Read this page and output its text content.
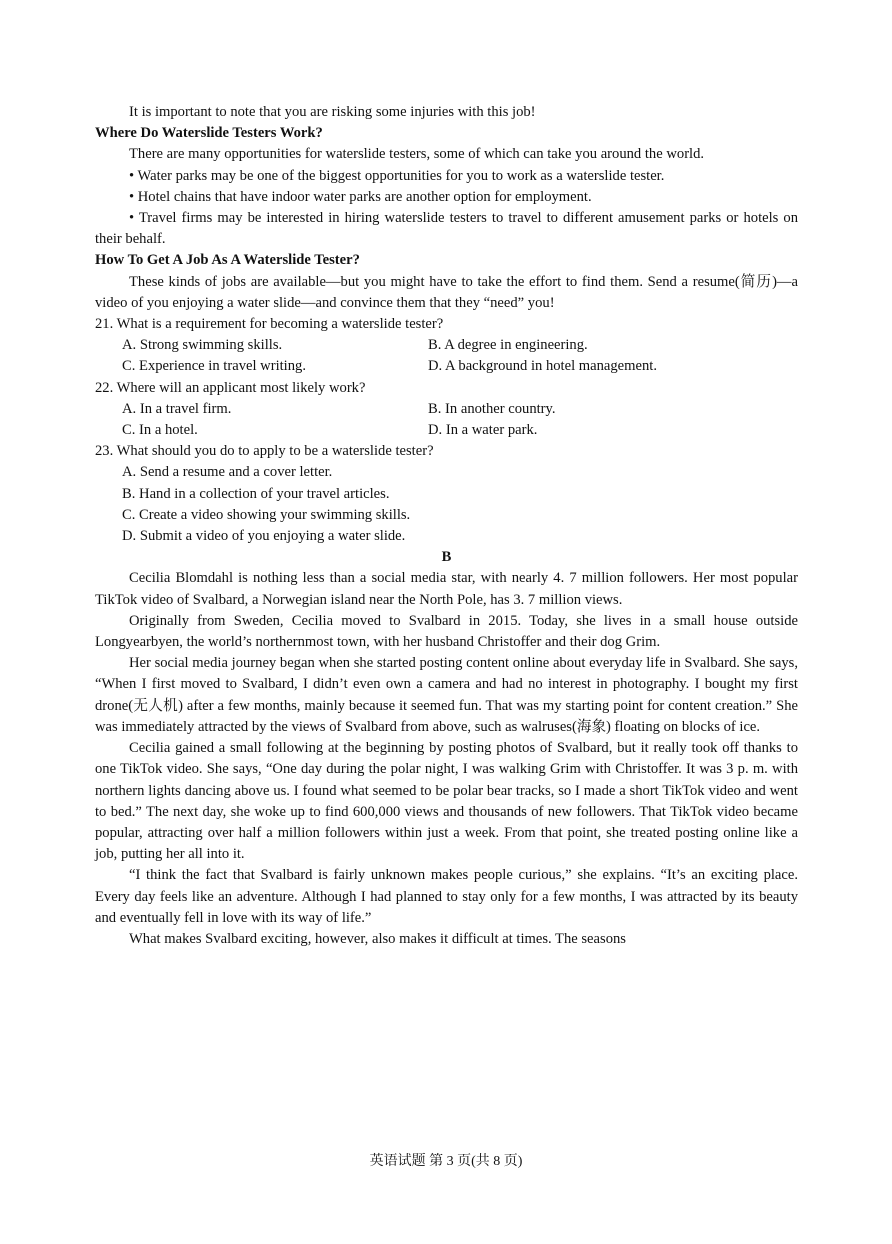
It is important to note that you are risking some injuries with this job!

Where Do Waterslide Testers Work?

There are many opportunities for waterslide testers, some of which can take you around the world.

• Water parks may be one of the biggest opportunities for you to work as a waterslide tester.

• Hotel chains that have indoor water parks are another option for employment.

• Travel firms may be interested in hiring waterslide testers to travel to different amusement parks or hotels on their behalf.

How To Get A Job As A Waterslide Tester?

These kinds of jobs are available—but you might have to take the effort to find them. Send a resume(简历)—a video of you enjoying a water slide—and convince them that they “need” you!

21. What is a requirement for becoming a waterslide tester?

A. Strong swimming skills.	B. A degree in engineering.
C. Experience in travel writing.	D. A background in hotel management.

22. Where will an applicant most likely work?

A. In a travel firm.	B. In another country.
C. In a hotel.	D. In a water park.

23. What should you do to apply to be a waterslide tester?

A. Send a resume and a cover letter.
B. Hand in a collection of your travel articles.
C. Create a video showing your swimming skills.
D. Submit a video of you enjoying a water slide.

B

Cecilia Blomdahl is nothing less than a social media star, with nearly 4. 7 million followers. Her most popular TikTok video of Svalbard, a Norwegian island near the North Pole, has 3. 7 million views.

Originally from Sweden, Cecilia moved to Svalbard in 2015. Today, she lives in a small house outside Longyearbyen, the world’s northernmost town, with her husband Christoffer and their dog Grim.

Her social media journey began when she started posting content online about everyday life in Svalbard. She says, “When I first moved to Svalbard, I didn’t even own a camera and had no interest in photography. I bought my first drone(无人机) after a few months, mainly because it seemed fun. That was my starting point for content creation.” She was immediately attracted by the views of Svalbard from above, such as walruses(海象) floating on blocks of ice.

Cecilia gained a small following at the beginning by posting photos of Svalbard, but it really took off thanks to one TikTok video. She says, “One day during the polar night, I was walking Grim with Christoffer. It was 3 p. m. with northern lights dancing above us. I found what seemed to be polar bear tracks, so I made a short TikTok video and went to bed.” The next day, she woke up to find 600,000 views and thousands of new followers. That TikTok video became popular, attracting over half a million followers within just a week. From that point, she treated posting online like a job, putting her all into it.

“I think the fact that Svalbard is fairly unknown makes people curious,” she explains. “It’s an exciting place. Every day feels like an adventure. Although I had planned to stay only for a few months, I was attracted by its beauty and eventually fell in love with its way of life.”

What makes Svalbard exciting, however, also makes it difficult at times. The seasons

英语试题 第 3 页(共 8 页)
